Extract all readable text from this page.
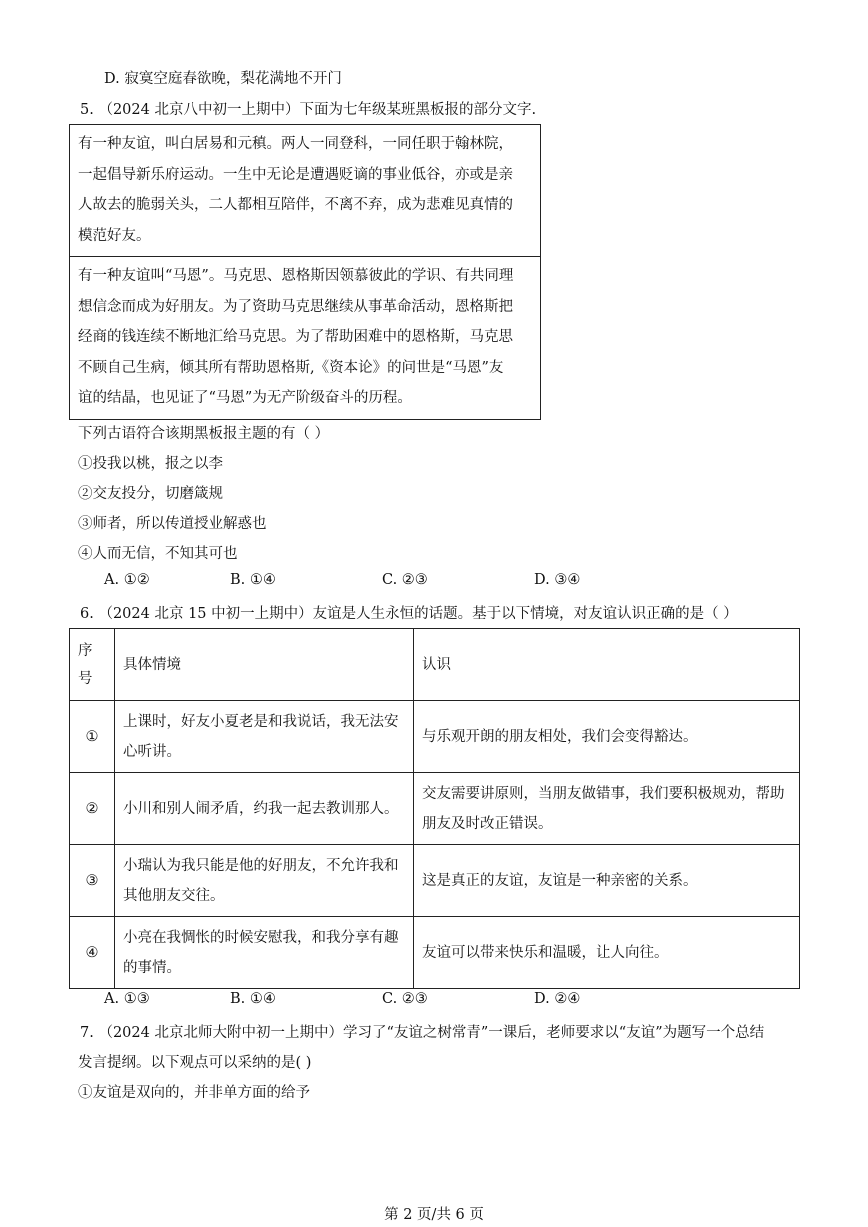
D. 寂寞空庭春欲晚，梨花满地不开门
5. （2024 北京八中初一上期中）下面为七年级某班黑板报的部分文字.

有一种友谊，叫白居易和元稹。两人一同登科，一同任职于翰林院，

一起倡导新乐府运动。一生中无论是遭遇贬谪的事业低谷，亦或是亲

人故去的脆弱关头，二人都相互陪伴，不离不弃，成为悲难见真情的

模范好友。

有一种友谊叫“马恩”。马克思、恩格斯因领慕彼此的学识、有共同理

想信念而成为好朋友。为了资助马克思继续从事革命活动，恩格斯把

经商的钱连续不断地汇给马克思。为了帮助困难中的恩格斯，马克思

不顾自己生病，倾其所有帮助恩格斯,《资本论》的问世是“马恩”友

谊的结晶，也见证了“马恩”为无产阶级奋斗的历程。

下列古语符合该期黑板报主题的有（ ）
①投我以桃，报之以李
②交友投分，切磨箴规
③师者，所以传道授业解惑也
④人而无信，不知其可也
A. ①②	B. ①④	C. ②③	D. ③④
6. （2024 北京 15 中初一上期中）友谊是人生永恒的话题。基于以下情境，对友谊认识正确的是（ ）
序号	具体情境	认识
①	上课时，好友小夏老是和我说话，我无法安心听讲。	与乐观开朗的朋友相处，我们会变得豁达。
②	小川和别人闹矛盾，约我一起去教训那人。	交友需要讲原则，当朋友做错事，我们要积极规劝，帮助朋友及时改正错误。
③	小瑞认为我只能是他的好朋友，不允许我和其他朋友交往。	这是真正的友谊，友谊是一种亲密的关系。
④	小亮在我惆怅的时候安慰我，和我分享有趣的事情。	友谊可以带来快乐和温暖，让人向往。
A. ①③	B. ①④	C. ②③	D. ②④
7. （2024 北京北师大附中初一上期中）学习了“友谊之树常青”一课后，老师要求以“友谊”为题写一个总结
发言提纲。以下观点可以采纳的是( )
①友谊是双向的，并非单方面的给予
第 2 页/共 6 页
